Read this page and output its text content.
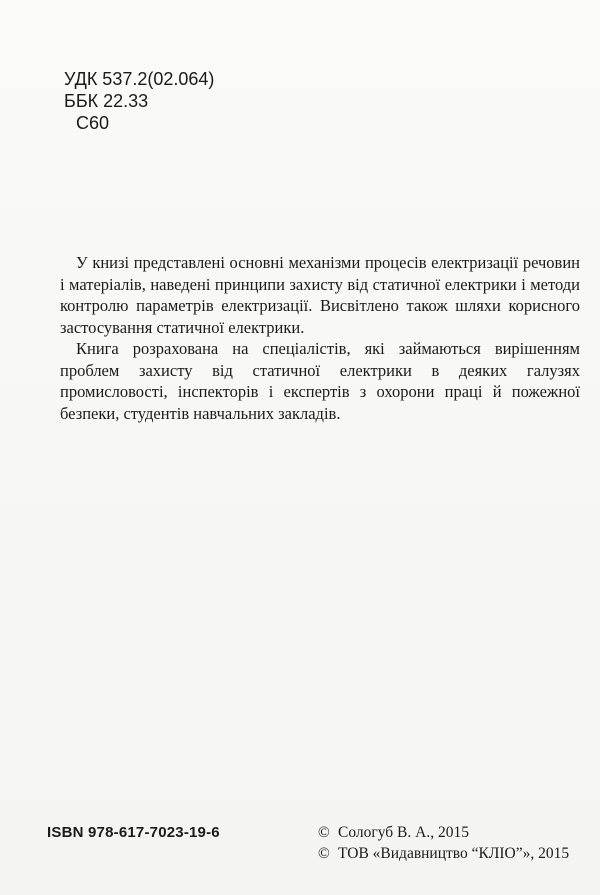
УДК 537.2(02.064)
ББК 22.33
С60

У книзі представлені основні механізми процесів електризації речовин і матеріалів, наведені принципи захисту від статичної електрики і методи контролю параметрів електризації. Висвітлено також шляхи корисного застосування статичної електрики.

Книга розрахована на спеціалістів, які займаються вирішенням проблем захисту від статичної електрики в деяких галузях промисловості, інспекторів і експертів з охорони праці й пожежної безпеки, студентів навчальних закладів.

ISBN 978-617-7023-19-6	© Сологуб В. А., 2015
© ТОВ «Видавництво “КЛІО”», 2015
